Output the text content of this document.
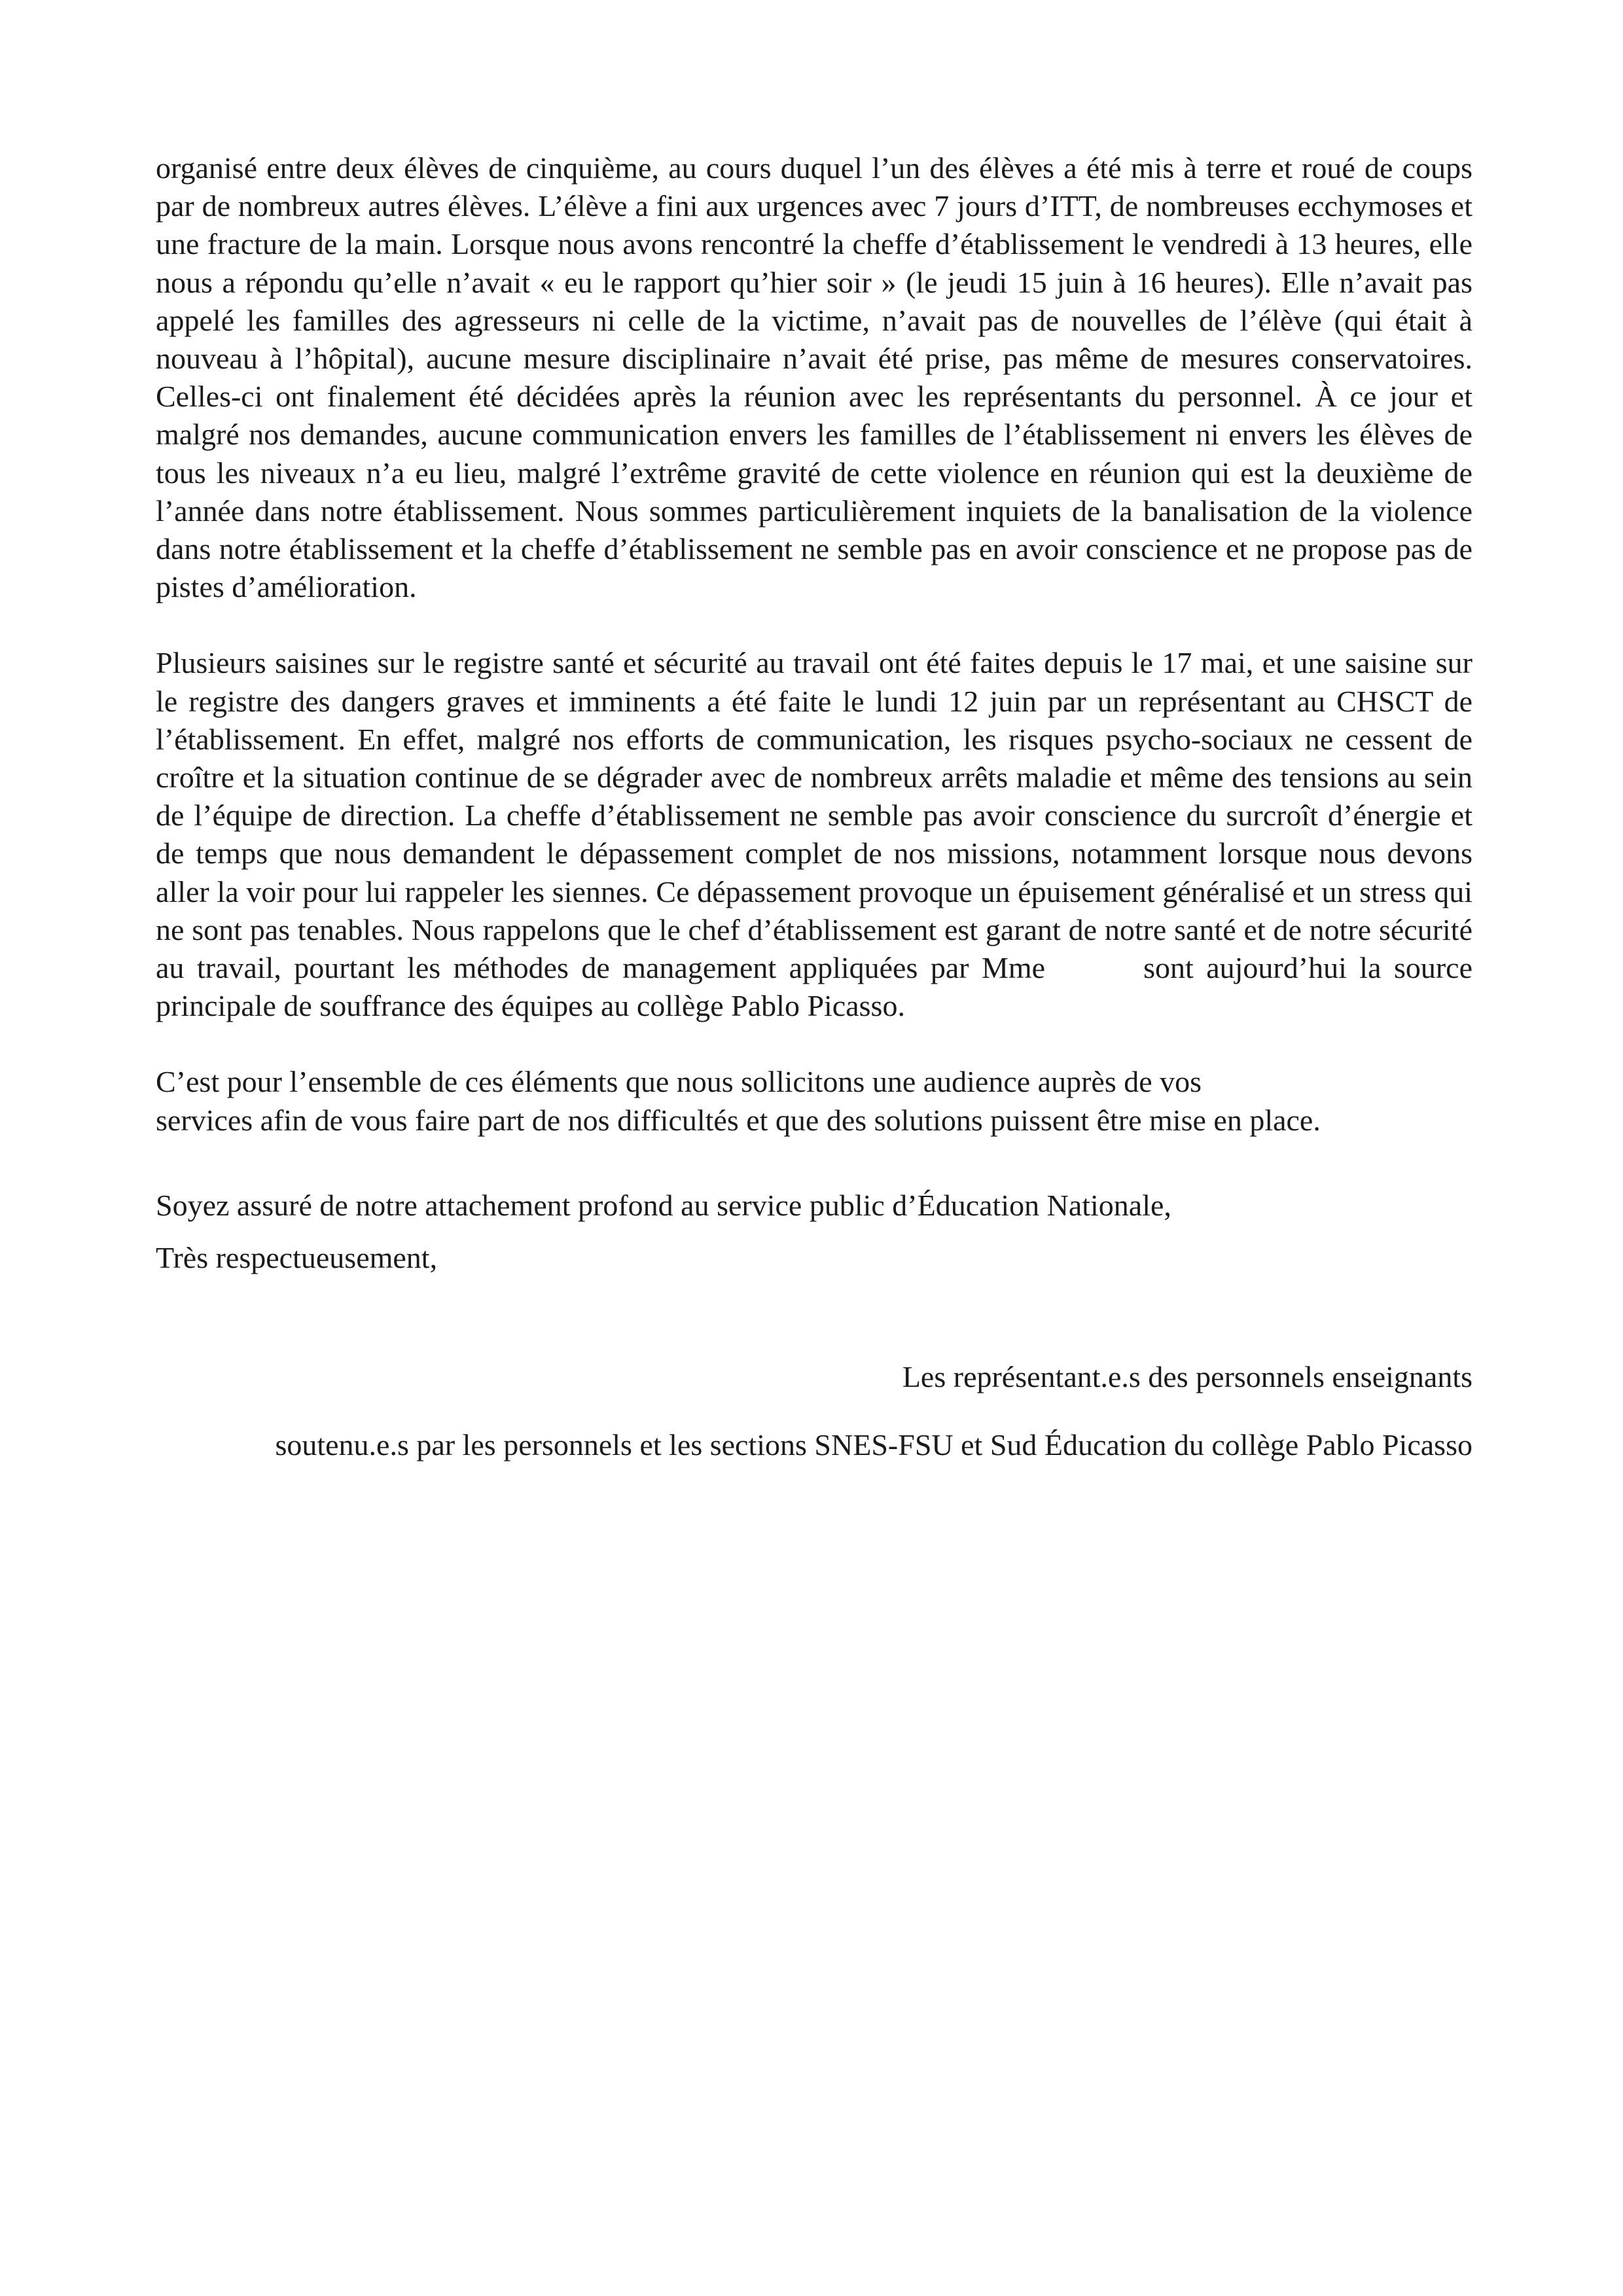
organisé entre deux élèves de cinquième, au cours duquel l’un des élèves a été mis à terre et roué de coups par de nombreux autres élèves. L’élève a fini aux urgences avec 7 jours d’ITT, de nombreuses ecchymoses et une fracture de la main. Lorsque nous avons rencontré la cheffe d’établissement le vendredi à 13 heures, elle nous a répondu qu’elle n’avait « eu le rapport qu’hier soir » (le jeudi 15 juin à 16 heures). Elle n’avait pas appelé les familles des agresseurs ni celle de la victime, n’avait pas de nouvelles de l’élève (qui était à nouveau à l’hôpital), aucune mesure disciplinaire n’avait été prise, pas même de mesures conservatoires. Celles-ci ont finalement été décidées après la réunion avec les représentants du personnel. À ce jour et malgré nos demandes, aucune communication envers les familles de l’établissement ni envers les élèves de tous les niveaux n’a eu lieu, malgré l’extrême gravité de cette violence en réunion qui est la deuxième de l’année dans notre établissement. Nous sommes particulièrement inquiets de la banalisation de la violence dans notre établissement et la cheffe d’établissement ne semble pas en avoir conscience et ne propose pas de pistes d’amélioration.

Plusieurs saisines sur le registre santé et sécurité au travail ont été faites depuis le 17 mai, et une saisine sur le registre des dangers graves et imminents a été faite le lundi 12 juin par un représentant au CHSCT de l’établissement. En effet, malgré nos efforts de communication, les risques psycho-sociaux ne cessent de croître et la situation continue de se dégrader avec de nombreux arrêts maladie et même des tensions au sein de l’équipe de direction. La cheffe d’établissement ne semble pas avoir conscience du surcroît d’énergie et de temps que nous demandent le dépassement complet de nos missions, notamment lorsque nous devons aller la voir pour lui rappeler les siennes. Ce dépassement provoque un épuisement généralisé et un stress qui ne sont pas tenables. Nous rappelons que le chef d’établissement est garant de notre santé et de notre sécurité au travail, pourtant les méthodes de management appliquées par Mme	sont aujourd’hui la source principale de souffrance des équipes au collège Pablo Picasso.

C’est pour l’ensemble de ces éléments que nous sollicitons une audience auprès de vos

services afin de vous faire part de nos difficultés et que des solutions puissent être mise en place.

Soyez assuré de notre attachement profond au service public d’Éducation Nationale,

Très respectueusement,

Les représentant.e.s des personnels enseignants

soutenu.e.s par les personnels et les sections SNES-FSU et Sud Éducation du collège Pablo Picasso
